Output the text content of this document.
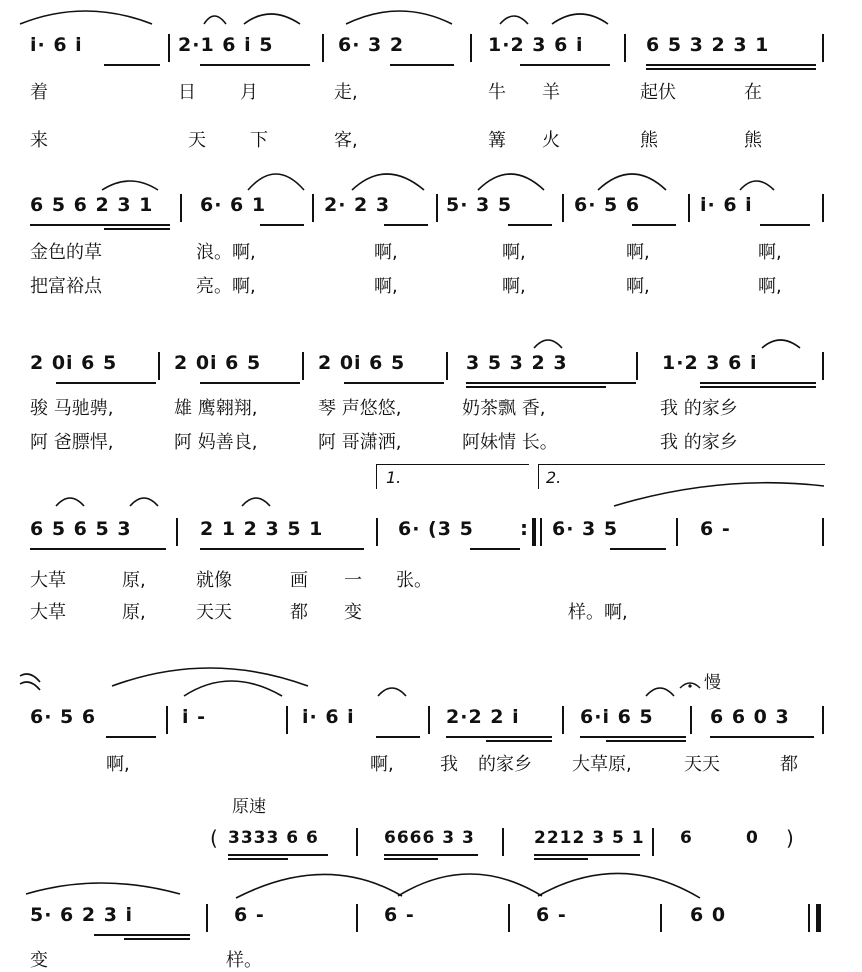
i· 6 i	2·1 6 i 5	6· 3 2	1·2 3 6 i	6 5 3 2 3 1
着	日 月	走,	牛 羊	起伏	在
来	天 下	客,	篝 火	熊	熊
6 5 6 2 3 1 6· 6 1	2· 2 3	5· 3 5	6· 5 6	i· 6 i
金色的草	浪。啊,	啊,	啊,	啊,	啊,
把富裕点	亮。啊,	啊,	啊,	啊,	啊,
2 0i 6 5	2 0i 6 5	2 0i 6 5	3 5 3 2 3	1·2 3 6 i
骏 马驰骋,	雄 鹰翱翔,	琴 声悠悠,	奶茶飘 香,	我 的家乡
阿 爸膘悍,	阿 妈善良,	阿 哥潇洒,	阿妹情 长。	我 的家乡
1.	2.
6 5 6 5 3	2 1 2 3 5 1	6· (3 5 : 6· 3 5	6 -
大草	原,	就像	画 一 张。
大草	原,	天天	都 变	样。啊,
慢
6· 5 6	i -	i· 6 i	2·2 2 i	6·i 6 5	6 6 0 3
啊,	啊,	我 的家乡 大草原,	天天	都
原速
( 3333 6 6	6666 3 3	2212 3 5 1 6	0 )
5· 6 2 3 i	6 -	6 -	6 -	6 0
变	样。
